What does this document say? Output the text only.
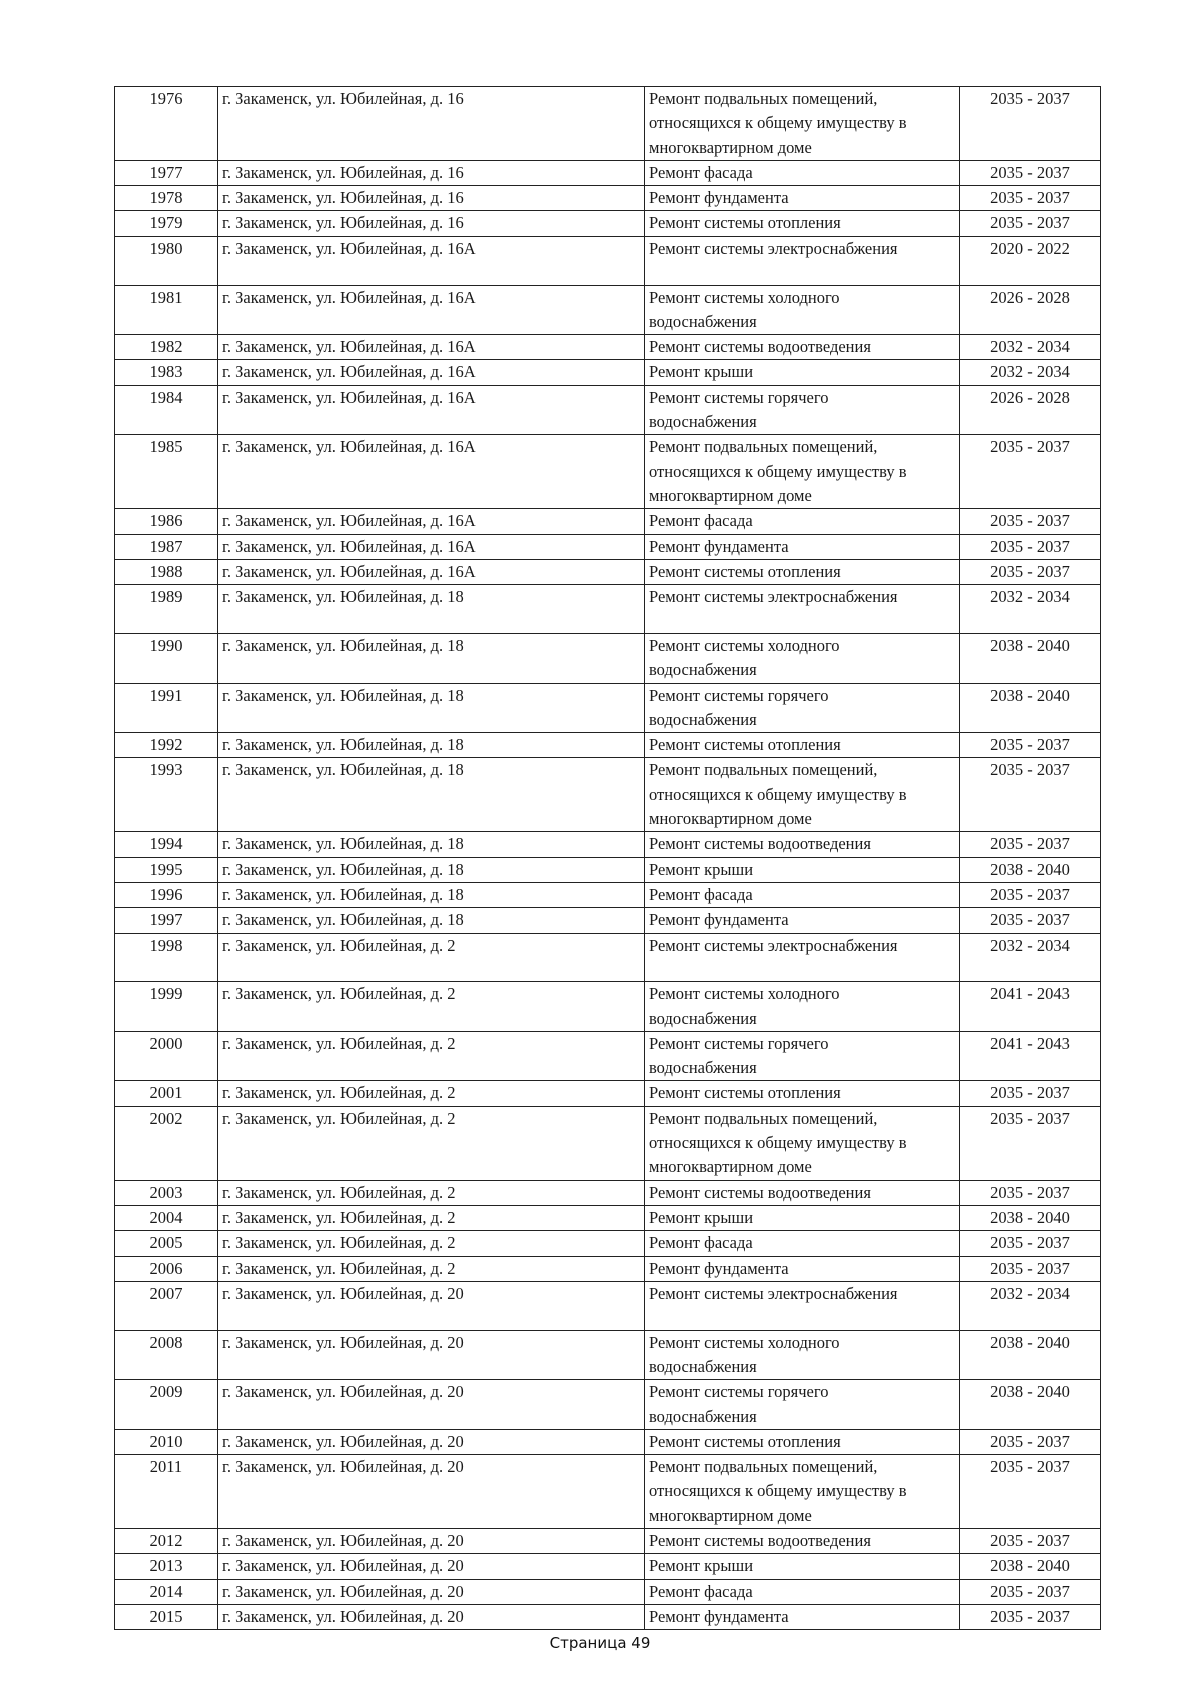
1976	г. Закаменск, ул. Юбилейная, д. 16	Ремонт подвальных помещений,
относящихся к общему имуществу в
многоквартирном доме	2035 - 2037
1977	г. Закаменск, ул. Юбилейная, д. 16	Ремонт фасада	2035 - 2037
1978	г. Закаменск, ул. Юбилейная, д. 16	Ремонт фундамента	2035 - 2037
1979	г. Закаменск, ул. Юбилейная, д. 16	Ремонт системы отопления	2035 - 2037
1980	г. Закаменск, ул. Юбилейная, д. 16А	Ремонт системы электроснабжения	2020 - 2022
1981	г. Закаменск, ул. Юбилейная, д. 16А	Ремонт системы холодного
водоснабжения	2026 - 2028
1982	г. Закаменск, ул. Юбилейная, д. 16А	Ремонт системы водоотведения	2032 - 2034
1983	г. Закаменск, ул. Юбилейная, д. 16А	Ремонт крыши	2032 - 2034
1984	г. Закаменск, ул. Юбилейная, д. 16А	Ремонт системы горячего
водоснабжения	2026 - 2028
1985	г. Закаменск, ул. Юбилейная, д. 16А	Ремонт подвальных помещений,
относящихся к общему имуществу в
многоквартирном доме	2035 - 2037
1986	г. Закаменск, ул. Юбилейная, д. 16А	Ремонт фасада	2035 - 2037
1987	г. Закаменск, ул. Юбилейная, д. 16А	Ремонт фундамента	2035 - 2037
1988	г. Закаменск, ул. Юбилейная, д. 16А	Ремонт системы отопления	2035 - 2037
1989	г. Закаменск, ул. Юбилейная, д. 18	Ремонт системы электроснабжения	2032 - 2034
1990	г. Закаменск, ул. Юбилейная, д. 18	Ремонт системы холодного
водоснабжения	2038 - 2040
1991	г. Закаменск, ул. Юбилейная, д. 18	Ремонт системы горячего
водоснабжения	2038 - 2040
1992	г. Закаменск, ул. Юбилейная, д. 18	Ремонт системы отопления	2035 - 2037
1993	г. Закаменск, ул. Юбилейная, д. 18	Ремонт подвальных помещений,
относящихся к общему имуществу в
многоквартирном доме	2035 - 2037
1994	г. Закаменск, ул. Юбилейная, д. 18	Ремонт системы водоотведения	2035 - 2037
1995	г. Закаменск, ул. Юбилейная, д. 18	Ремонт крыши	2038 - 2040
1996	г. Закаменск, ул. Юбилейная, д. 18	Ремонт фасада	2035 - 2037
1997	г. Закаменск, ул. Юбилейная, д. 18	Ремонт фундамента	2035 - 2037
1998	г. Закаменск, ул. Юбилейная, д. 2	Ремонт системы электроснабжения	2032 - 2034
1999	г. Закаменск, ул. Юбилейная, д. 2	Ремонт системы холодного
водоснабжения	2041 - 2043
2000	г. Закаменск, ул. Юбилейная, д. 2	Ремонт системы горячего
водоснабжения	2041 - 2043
2001	г. Закаменск, ул. Юбилейная, д. 2	Ремонт системы отопления	2035 - 2037
2002	г. Закаменск, ул. Юбилейная, д. 2	Ремонт подвальных помещений,
относящихся к общему имуществу в
многоквартирном доме	2035 - 2037
2003	г. Закаменск, ул. Юбилейная, д. 2	Ремонт системы водоотведения	2035 - 2037
2004	г. Закаменск, ул. Юбилейная, д. 2	Ремонт крыши	2038 - 2040
2005	г. Закаменск, ул. Юбилейная, д. 2	Ремонт фасада	2035 - 2037
2006	г. Закаменск, ул. Юбилейная, д. 2	Ремонт фундамента	2035 - 2037
2007	г. Закаменск, ул. Юбилейная, д. 20	Ремонт системы электроснабжения	2032 - 2034
2008	г. Закаменск, ул. Юбилейная, д. 20	Ремонт системы холодного
водоснабжения	2038 - 2040
2009	г. Закаменск, ул. Юбилейная, д. 20	Ремонт системы горячего
водоснабжения	2038 - 2040
2010	г. Закаменск, ул. Юбилейная, д. 20	Ремонт системы отопления	2035 - 2037
2011	г. Закаменск, ул. Юбилейная, д. 20	Ремонт подвальных помещений,
относящихся к общему имуществу в
многоквартирном доме	2035 - 2037
2012	г. Закаменск, ул. Юбилейная, д. 20	Ремонт системы водоотведения	2035 - 2037
2013	г. Закаменск, ул. Юбилейная, д. 20	Ремонт крыши	2038 - 2040
2014	г. Закаменск, ул. Юбилейная, д. 20	Ремонт фасада	2035 - 2037
2015	г. Закаменск, ул. Юбилейная, д. 20	Ремонт фундамента	2035 - 2037
Страница 49
